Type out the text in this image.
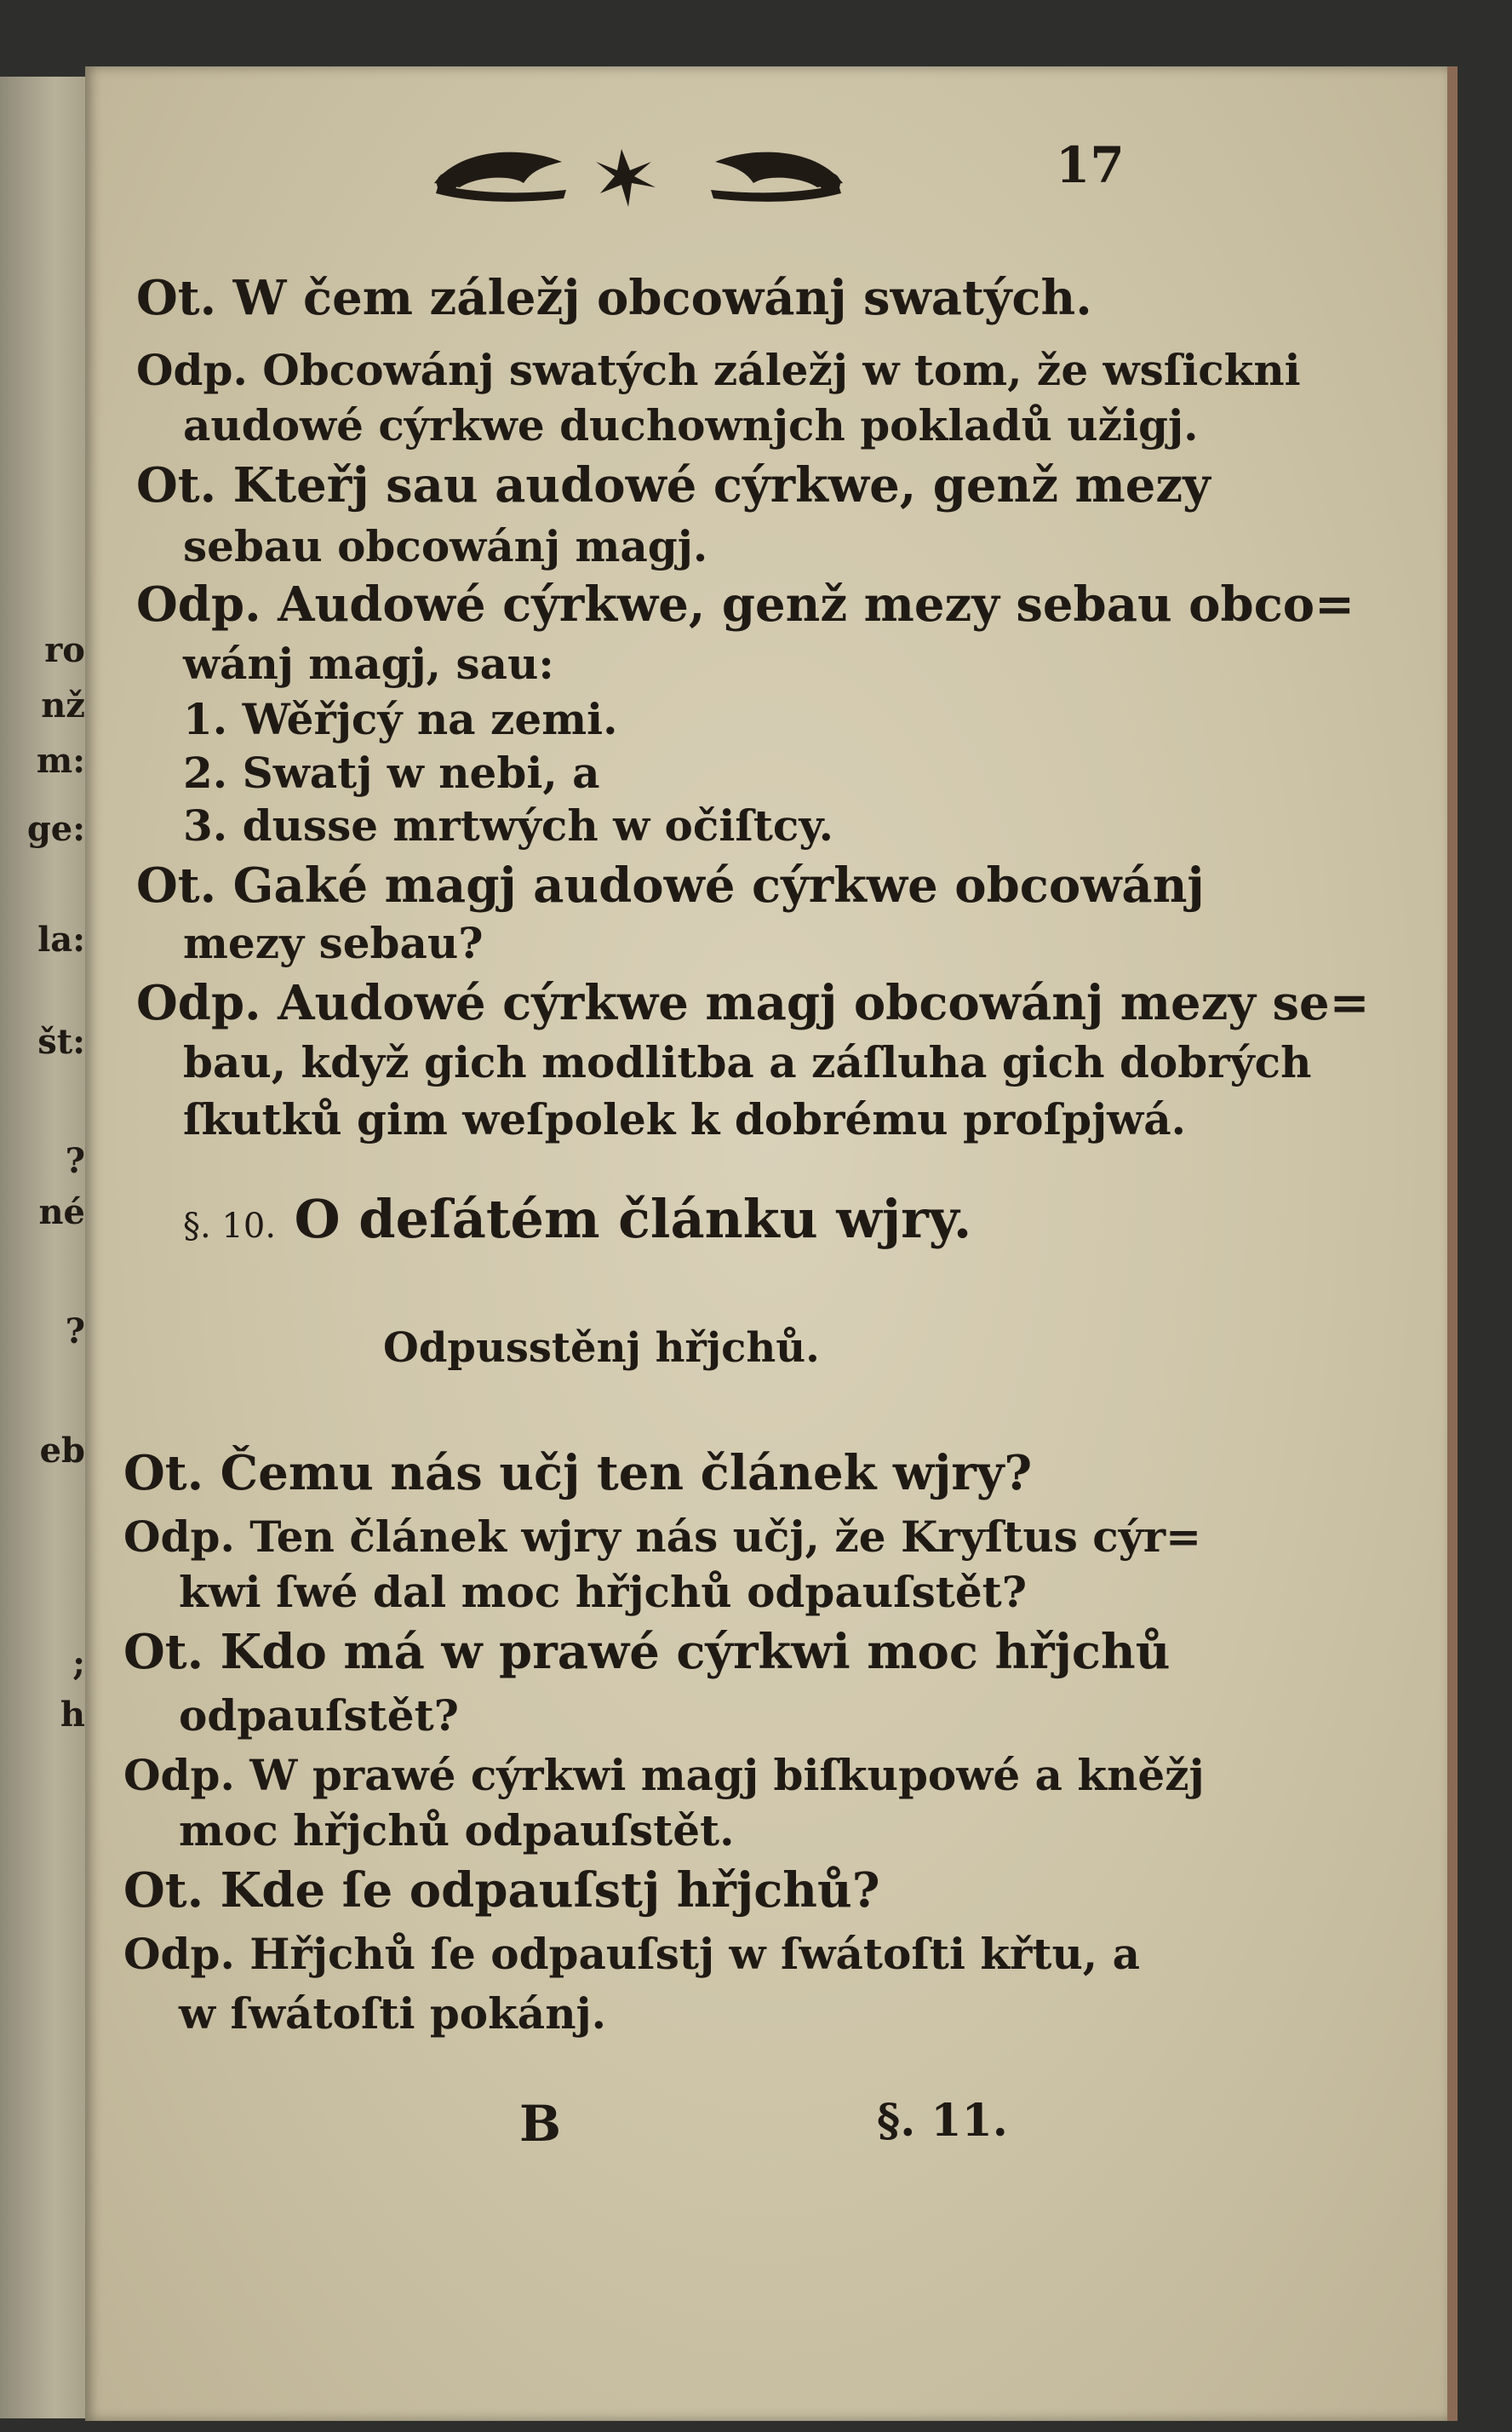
ro
nž
m:
ge:
la:
št:
?
né
?
eb
;
h
17
Ot. W čem záležj obcowánj swatých.
Odp. Obcowánj swatých záležj w tom, že wsſickni
audowé cýrkwe duchownjch pokladů užigj.
Ot. Kteřj sau audowé cýrkwe, genž mezy
sebau obcowánj magj.
Odp. Audowé cýrkwe, genž mezy sebau obco=
wánj magj, sau:
1. Wěřjcý na zemi.
2. Swatj w nebi, a
3. dusse mrtwých w očiſtcy.
Ot. Gaké magj audowé cýrkwe obcowánj
mezy sebau?
Odp. Audowé cýrkwe magj obcowánj mezy se=
bau, když gich modlitba a záſluha gich dobrých
ſkutků gim weſpolek k dobrému proſpjwá.
§. 10. O deſátém článku wjry.
Odpusstěnj hřjchů.
Ot. Čemu nás učj ten článek wjry?
Odp. Ten článek wjry nás učj, že Kryſtus cýr=
kwi ſwé dal moc hřjchů odpauſstět?
Ot. Kdo má w prawé cýrkwi moc hřjchů
odpauſstět?
Odp. W prawé cýrkwi magj biſkupowé a kněžj
moc hřjchů odpauſstět.
Ot. Kde ſe odpauſstj hřjchů?
Odp. Hřjchů ſe odpauſstj w ſwátoſti křtu, a
w ſwátoſti pokánj.
B	§. 11.
